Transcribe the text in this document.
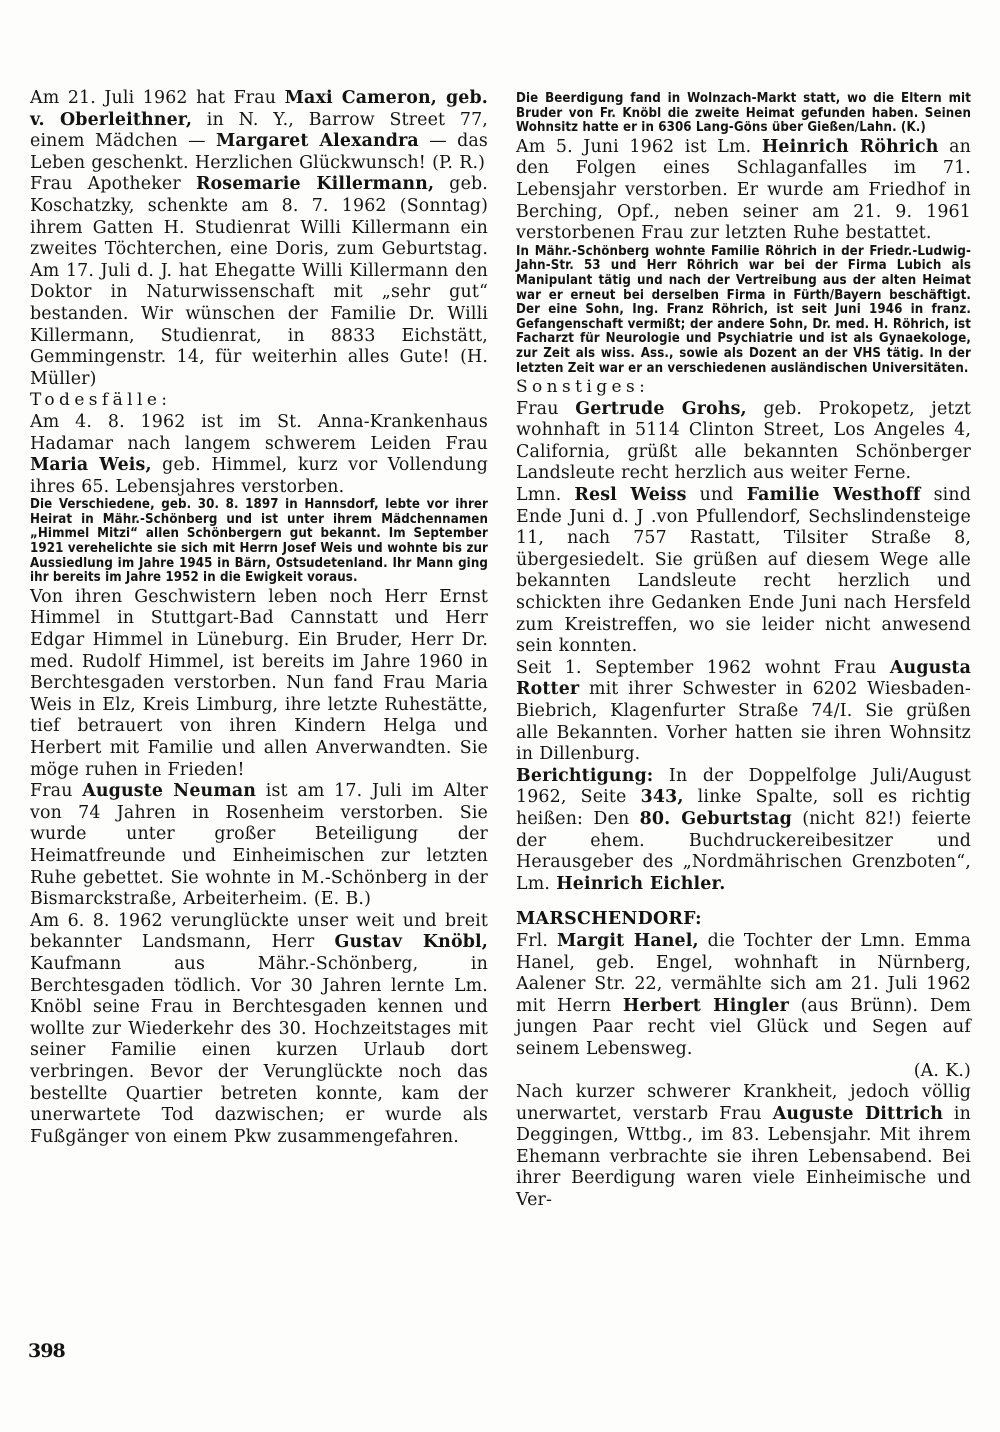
Am 21. Juli 1962 hat Frau Maxi Cameron, geb. v. Oberleithner, in N. Y., Barrow Street 77, einem Mädchen — Margaret Alexandra — das Leben geschenkt. Herzlichen Glückwunsch! (P. R.)

Frau Apotheker Rosemarie Killermann, geb. Koschatzky, schenkte am 8. 7. 1962 (Sonntag) ihrem Gatten H. Studienrat Willi Killermann ein zweites Töchterchen, eine Doris, zum Geburtstag. Am 17. Juli d. J. hat Ehegatte Willi Killermann den Doktor in Naturwissenschaft mit „sehr gut“ bestanden. Wir wünschen der Familie Dr. Willi Killermann, Studienrat, in 8833 Eichstätt, Gemmingenstr. 14, für weiterhin alles Gute! (H. Müller)

Todesfälle:

Am 4. 8. 1962 ist im St. Anna-Krankenhaus Hadamar nach langem schwerem Leiden Frau Maria Weis, geb. Himmel, kurz vor Vollendung ihres 65. Lebensjahres verstorben.

Die Verschiedene, geb. 30. 8. 1897 in Hannsdorf, lebte vor ihrer Heirat in Mähr.-Schönberg und ist unter ihrem Mädchennamen „Himmel Mitzi“ allen Schönbergern gut bekannt. Im September 1921 verehelichte sie sich mit Herrn Josef Weis und wohnte bis zur Aussiedlung im Jahre 1945 in Bärn, Ostsudetenland. Ihr Mann ging ihr bereits im Jahre 1952 in die Ewigkeit voraus.

Von ihren Geschwistern leben noch Herr Ernst Himmel in Stuttgart-Bad Cannstatt und Herr Edgar Himmel in Lüneburg. Ein Bruder, Herr Dr. med. Rudolf Himmel, ist bereits im Jahre 1960 in Berchtesgaden verstorben. Nun fand Frau Maria Weis in Elz, Kreis Limburg, ihre letzte Ruhestätte, tief betrauert von ihren Kindern Helga und Herbert mit Familie und allen Anverwandten. Sie möge ruhen in Frieden!

Frau Auguste Neuman ist am 17. Juli im Alter von 74 Jahren in Rosenheim verstorben. Sie wurde unter großer Beteiligung der Heimatfreunde und Einheimischen zur letzten Ruhe gebettet. Sie wohnte in M.-Schönberg in der Bismarckstraße, Arbeiterheim. (E. B.)

Am 6. 8. 1962 verunglückte unser weit und breit bekannter Landsmann, Herr Gustav Knöbl, Kaufmann aus Mähr.-Schönberg, in Berchtesgaden tödlich. Vor 30 Jahren lernte Lm. Knöbl seine Frau in Berchtesgaden kennen und wollte zur Wiederkehr des 30. Hochzeitstages mit seiner Familie einen kurzen Urlaub dort verbringen. Bevor der Verunglückte noch das bestellte Quartier betreten konnte, kam der unerwartete Tod dazwischen; er wurde als Fußgänger von einem Pkw zusammengefahren.

Die Beerdigung fand in Wolnzach-Markt statt, wo die Eltern mit Bruder von Fr. Knöbl die zweite Heimat gefunden haben. Seinen Wohnsitz hatte er in 6306 Lang-Göns über Gießen/Lahn. (K.)

Am 5. Juni 1962 ist Lm. Heinrich Röhrich an den Folgen eines Schlaganfalles im 71. Lebensjahr verstorben. Er wurde am Friedhof in Berching, Opf., neben seiner am 21. 9. 1961 verstorbenen Frau zur letzten Ruhe bestattet.

In Mähr.-Schönberg wohnte Familie Röhrich in der Friedr.-Ludwig-Jahn-Str. 53 und Herr Röhrich war bei der Firma Lubich als Manipulant tätig und nach der Vertreibung aus der alten Heimat war er erneut bei derselben Firma in Fürth/Bayern beschäftigt. Der eine Sohn, Ing. Franz Röhrich, ist seit Juni 1946 in franz. Gefangenschaft vermißt; der andere Sohn, Dr. med. H. Röhrich, ist Facharzt für Neurologie und Psychiatrie und ist als Gynaekologe, zur Zeit als wiss. Ass., sowie als Dozent an der VHS tätig. In der letzten Zeit war er an verschiedenen ausländischen Universitäten.

Sonstiges:

Frau Gertrude Grohs, geb. Prokopetz, jetzt wohnhaft in 5114 Clinton Street, Los Angeles 4, California, grüßt alle bekannten Schönberger Landsleute recht herzlich aus weiter Ferne.

Lmn. Resl Weiss und Familie Westhoff sind Ende Juni d. J .von Pfullendorf, Sechslindensteige 11, nach 757 Rastatt, Tilsiter Straße 8, übergesiedelt. Sie grüßen auf diesem Wege alle bekannten Landsleute recht herzlich und schickten ihre Gedanken Ende Juni nach Hersfeld zum Kreistreffen, wo sie leider nicht anwesend sein konnten.

Seit 1. September 1962 wohnt Frau Augusta Rotter mit ihrer Schwester in 6202 Wiesbaden-Biebrich, Klagenfurter Straße 74/I. Sie grüßen alle Bekannten. Vorher hatten sie ihren Wohnsitz in Dillenburg.

Berichtigung: In der Doppelfolge Juli/August 1962, Seite 343, linke Spalte, soll es richtig heißen: Den 80. Geburtstag (nicht 82!) feierte der ehem. Buchdruckereibesitzer und Herausgeber des „Nordmährischen Grenzboten“, Lm. Heinrich Eichler.

MARSCHENDORF:

Frl. Margit Hanel, die Tochter der Lmn. Emma Hanel, geb. Engel, wohnhaft in Nürnberg, Aalener Str. 22, vermählte sich am 21. Juli 1962 mit Herrn Herbert Hingler (aus Brünn). Dem jungen Paar recht viel Glück und Segen auf seinem Lebensweg.

(A. K.)

Nach kurzer schwerer Krankheit, jedoch völlig unerwartet, verstarb Frau Auguste Dittrich in Deggingen, Wttbg., im 83. Lebensjahr. Mit ihrem Ehemann verbrachte sie ihren Lebensabend. Bei ihrer Beerdigung waren viele Einheimische und Ver-

398
